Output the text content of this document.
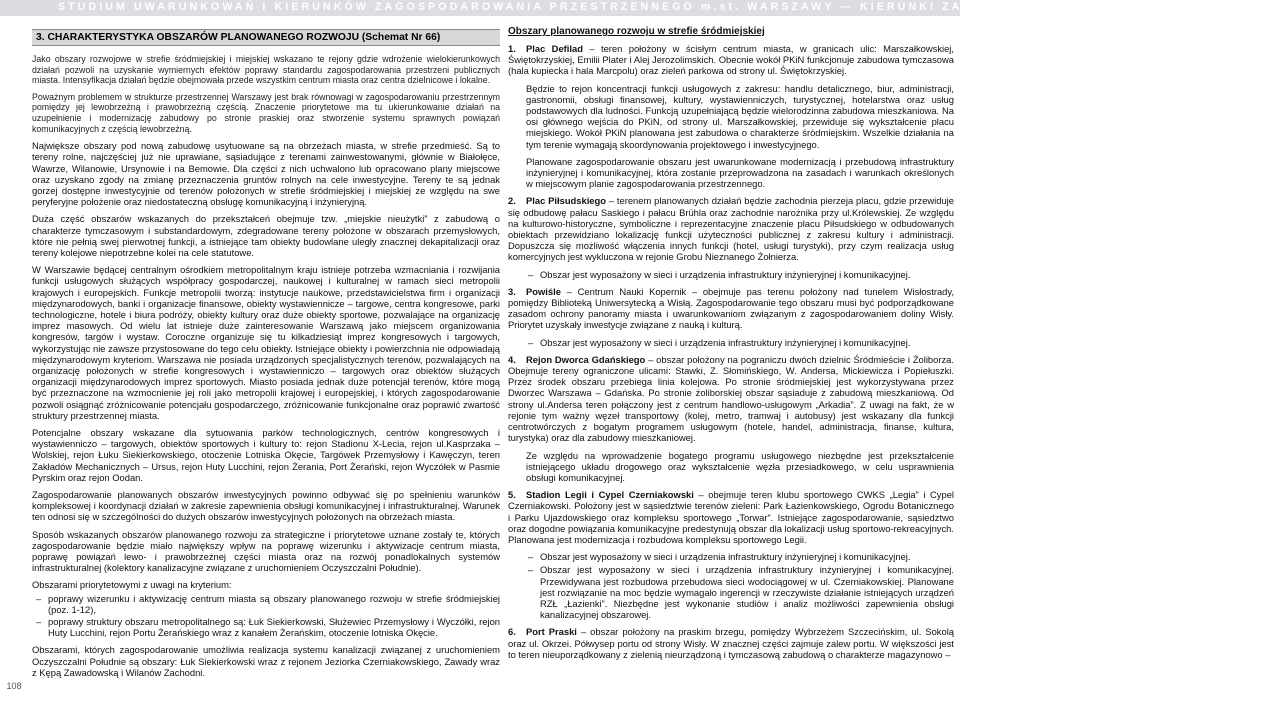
STUDIUM UWARUNKOWAŃ I KIERUNKÓW ZAGOSPODAROWANIA PRZESTRZENNEGO m.st. WARSZAWY — KIERUNKI ZAGOSPODAROWANIA PRZESTRZENNEGO
108
3. CHARAKTERYSTYKA OBSZARÓW PLANOWANEGO ROZWOJU (Schemat Nr 66)

Jako obszary rozwojowe w strefie śródmiejskiej i miejskiej wskazano te rejony gdzie wdrożenie wielokierunkowych działań pozwoli na uzyskanie wymiernych efektów poprawy standardu zagospodarowania przestrzeni publicznych miasta. Intensyfikacja działań będzie obejmowała przede wszystkim centrum miasta oraz centra dzielnicowe i lokalne.

Poważnym problemem w strukturze przestrzennej Warszawy jest brak równowagi w zagospodarowaniu przestrzennym pomiędzy jej lewobrzeżną i prawobrzeżną częścią. Znaczenie priorytetowe ma tu ukierunkowanie działań na uzupełnienie i modernizację zabudowy po stronie praskiej oraz stworzenie systemu sprawnych powiązań komunikacyjnych z częścią lewobrzeżną.

Największe obszary pod nową zabudowę usytuowane są na obrzeżach miasta, w strefie przedmieść. Są to tereny rolne, najczęściej już nie uprawiane, sąsiadujące z terenami zainwestowanymi, głównie w Białołęce, Wawrze, Wilanowie, Ursynowie i na Bemowie. Dla części z nich uchwalono lub opracowano plany miejscowe oraz uzyskano zgody na zmianę przeznaczenia gruntów rolnych na cele inwestycyjne. Tereny te są jednak gorzej dostępne inwestycyjnie od terenów położonych w strefie śródmiejskiej i miejskiej ze względu na swe peryferyjne położenie oraz niedostateczną obsługę komunikacyjną i inżynieryjną.

Duża część obszarów wskazanych do przekształceń obejmuje tzw. „miejskie nieużytki” z zabudową o charakterze tymczasowym i substandardowym, zdegradowane tereny położone w obszarach przemysłowych, które nie pełnią swej pierwotnej funkcji, a istniejące tam obiekty budowlane uległy znacznej dekapitalizacji oraz tereny kolejowe niepotrzebne kolei na cele statutowe.

W Warszawie będącej centralnym ośrodkiem metropolitalnym kraju istnieje potrzeba wzmacniania i rozwijania funkcji usługowych służących współpracy gospodarczej, naukowej i kulturalnej w ramach sieci metropolii krajowych i europejskich. Funkcje metropolii tworzą: instytucje naukowe, przedstawicielstwa firm i organizacji międzynarodowych, banki i organizacje finansowe, obiekty wystawiennicze – targowe, centra kongresowe, parki technologiczne, hotele i biura podróży, obiekty kultury oraz duże obiekty sportowe, pozwalające na organizację imprez masowych. Od wielu lat istnieje duże zainteresowanie Warszawą jako miejscem organizowania kongresów, targów i wystaw. Coroczne organizuje się tu kilkadziesiąt imprez kongresowych i targowych, wykorzystując nie zawsze przystosowane do tego celu obiekty. Istniejące obiekty i powierzchnia nie odpowiadają międzynarodowym kryteriom. Warszawa nie posiada urządzonych specjalistycznych terenów, pozwalających na organizację położonych w strefie kongresowych i wystawienniczo – targowych oraz obiektów służących organizacji międzynarodowych imprez sportowych. Miasto posiada jednak duże potencjał terenów, które mogą być przeznaczone na wzmocnienie jej roli jako metropolii krajowej i europejskiej, i których zagospodarowanie pozwoli osiągnąć zróżnicowanie potencjału gospodarczego, zróżnicowanie funkcjonalne oraz poprawić zwartość struktury przestrzennej miasta.

Potencjalne obszary wskazane dla sytuowania parków technologicznych, centrów kongresowych i wystawienniczo – targowych, obiektów sportowych i kultury to: rejon Stadionu X-Lecia, rejon ul.Kasprzaka – Wolskiej, rejon Łuku Siekierkowskiego, otoczenie Lotniska Okęcie, Targówek Przemysłowy i Kawęczyn, teren Zakładów Mechanicznych – Ursus, rejon Huty Lucchini, rejon Żerania, Port Żerański, rejon Wyczółek w Pasmie Pyrskim oraz rejon Oodan.

Zagospodarowanie planowanych obszarów inwestycyjnych powinno odbywać się po spełnieniu warunków kompleksowej i koordynacji działań w zakresie zapewnienia obsługi komunikacyjnej i infrastrukturalnej. Warunek ten odnosi się w szczególności do dużych obszarów inwestycyjnych położonych na obrzeżach miasta.

Sposób wskazanych obszarów planowanego rozwoju za strategiczne i priorytetowe uznane zostały te, których zagospodarowanie będzie miało największy wpływ na poprawę wizerunku i aktywizacje centrum miasta, poprawę powiązań lewo- i prawobrzeżnej części miasta oraz na rozwój ponadlokalnych systemów infrastrukturalnej (kolektory kanalizacyjne związane z uruchomieniem Oczyszczalni Południe).

Obszarami priorytetowymi z uwagi na kryterium:

– poprawy wizerunku i aktywizację centrum miasta są obszary planowanego rozwoju w strefie śródmiejskiej (poz. 1-12),
– poprawy struktury obszaru metropolitalnego są: Łuk Siekierkowski, Służewiec Przemysłowy i Wyczółki, rejon Huty Lucchini, rejon Portu Żerańskiego wraz z kanałem Żerańskim, otoczenie lotniska Okęcie.

Obszarami, których zagospodarowanie umożliwia realizacja systemu kanalizacji związanej z uruchomieniem Oczyszczalni Południe są obszary: Łuk Siekierkowski wraz z rejonem Jeziorka Czerniakowskiego, Zawady wraz z Kępą Zawadowską i Wilanów Zachodni.

Obszary planowanego rozwoju w strefie śródmiejskiej
1. Plac Defilad – teren położony w ścisłym centrum miasta, w granicach ulic: Marszałkowskiej, Świętokrzyskiej, Emilii Plater i Alej Jerozolimskich. Obecnie wokół PKiN funkcjonuje zabudowa tymczasowa (hala kupiecka i hala Marcpolu) oraz zieleń parkowa od strony ul. Świętokrzyskiej.
Będzie to rejon koncentracji funkcji usługowych z zakresu: handlu detalicznego, biur, administracji, gastronomii, obsługi finansowej, kultury, wystawienniczych, turystycznej, hotelarstwa oraz usług podstawowych dla ludności. Funkcją uzupełniającą będzie wielorodzinna zabudowa mieszkaniowa. Na osi głównego wejścia do PKiN, od strony ul. Marszałkowskiej, przewiduje się wykształcenie placu miejskiego. Wokół PKiN planowana jest zabudowa o charakterze śródmiejskim. Wszelkie działania na tym terenie wymagają skoordynowania projektowego i inwestycyjnego.
Planowane zagospodarowanie obszaru jest uwarunkowane modernizacją i przebudową infrastruktury inżynieryjnej i komunikacyjnej, która zostanie przeprowadzona na zasadach i warunkach określonych w miejscowym planie zagospodarowania przestrzennego.
2. Plac Piłsudskiego – terenem planowanych działań będzie zachodnia pierzeja placu, gdzie przewiduje się odbudowę pałacu Saskiego i pałacu Brühla oraz zachodnie narożnika przy ul.Królewskiej. Ze względu na kulturowo-historyczne, symboliczne i reprezentacyjne znaczenie placu Piłsudskiego w odbudowanych obiektach przewidziano lokalizację funkcji użyteczności publicznej z zakresu kultury i administracji. Dopuszcza się możliwość włączenia innych funkcji (hotel, usługi turystyki), przy czym realizacja usług komercyjnych jest wykluczona w rejonie Grobu Nieznanego Żołnierza.
– Obszar jest wyposażony w sieci i urządzenia infrastruktury inżynieryjnej i komunikacyjnej.
3. Powiśle – Centrum Nauki Kopernik – obejmuje pas terenu położony nad tunelem Wisłostrady, pomiędzy Biblioteką Uniwersytecką a Wisłą. Zagospodarowanie tego obszaru musi być podporządkowane zasadom ochrony panoramy miasta i uwarunkowaniom związanym z zagospodarowaniem doliny Wisły. Priorytet uzyskały inwestycje związane z nauką i kulturą.
– Obszar jest wyposażony w sieci i urządzenia infrastruktury inżynieryjnej i komunikacyjnej.
4. Rejon Dworca Gdańskiego – obszar położony na pograniczu dwóch dzielnic Śródmieście i Żoliborza. Obejmuje tereny ograniczone ulicami: Stawki, Z. Słomińskiego, W. Andersa, Mickiewicza i Popiełuszki. Przez środek obszaru przebiega linia kolejowa. Po stronie śródmiejskiej jest wykorzystywana przez Dworzec Warszawa – Gdańska. Po stronie żoliborskiej obszar sąsiaduje z zabudową mieszkaniową. Od strony ul.Andersa teren połączony jest z centrum handlowo-usługowym „Arkadia”. Z uwagi na fakt, że w rejonie tym ważny węzeł transportowy (kolej, metro, tramwaj i autobusy) jest wskazany dla funkcji centrotwórczych z bogatym programem usługowym (hotele, handel, administracja, finanse, kultura, turystyka) oraz dla zabudowy mieszkaniowej.
Ze względu na wprowadzenie bogatego programu usługowego niezbędne jest przekształcenie istniejącego układu drogowego oraz wykształcenie węzła przesiadkowego, w celu usprawnienia obsługi komunikacyjnej.
5. Stadion Legii i Cypel Czerniakowski – obejmuje teren klubu sportowego CWKS „Legia” i Cypel Czerniakowski. Położony jest w sąsiedztwie terenów zieleni: Park Łazienkowskiego, Ogrodu Botanicznego i Parku Ujazdowskiego oraz kompleksu sportowego „Torwar”. Istniejące zagospodarowanie, sąsiedztwo oraz dogodne powiązania komunikacyjne predestynują obszar dla lokalizacji usług sportowo-rekreacyjnych. Planowana jest modernizacja i rozbudowa kompleksu sportowego Legii.
– Obszar jest wyposażony w sieci i urządzenia infrastruktury inżynieryjnej i komunikacyjnej.
– Obszar jest wyposażony w sieci i urządzenia infrastruktury inżynieryjnej i komunikacyjnej. Przewidywana jest rozbudowa przebudowa sieci wodociągowej w ul. Czerniakowskiej. Planowane jest rozwiązanie na moc będzie wymagało ingerencji w rzeczywiste działanie istniejących urządzeń RZŁ „Łazienki”. Niezbędne jest wykonanie studiów i analiz możliwości zapewnienia obsługi kanalizacyjnej obszarowej.
6. Port Praski – obszar położony na praskim brzegu, pomiędzy Wybrzeżem Szczecińskim, ul. Sokolą oraz ul. Okrzei. Półwysep portu od strony Wisły. W znacznej części zajmuje zalew portu. W większości jest to teren nieuporządkowany z zielenią nieurządzoną i tymczasową zabudową o charakterze magazynowo –
